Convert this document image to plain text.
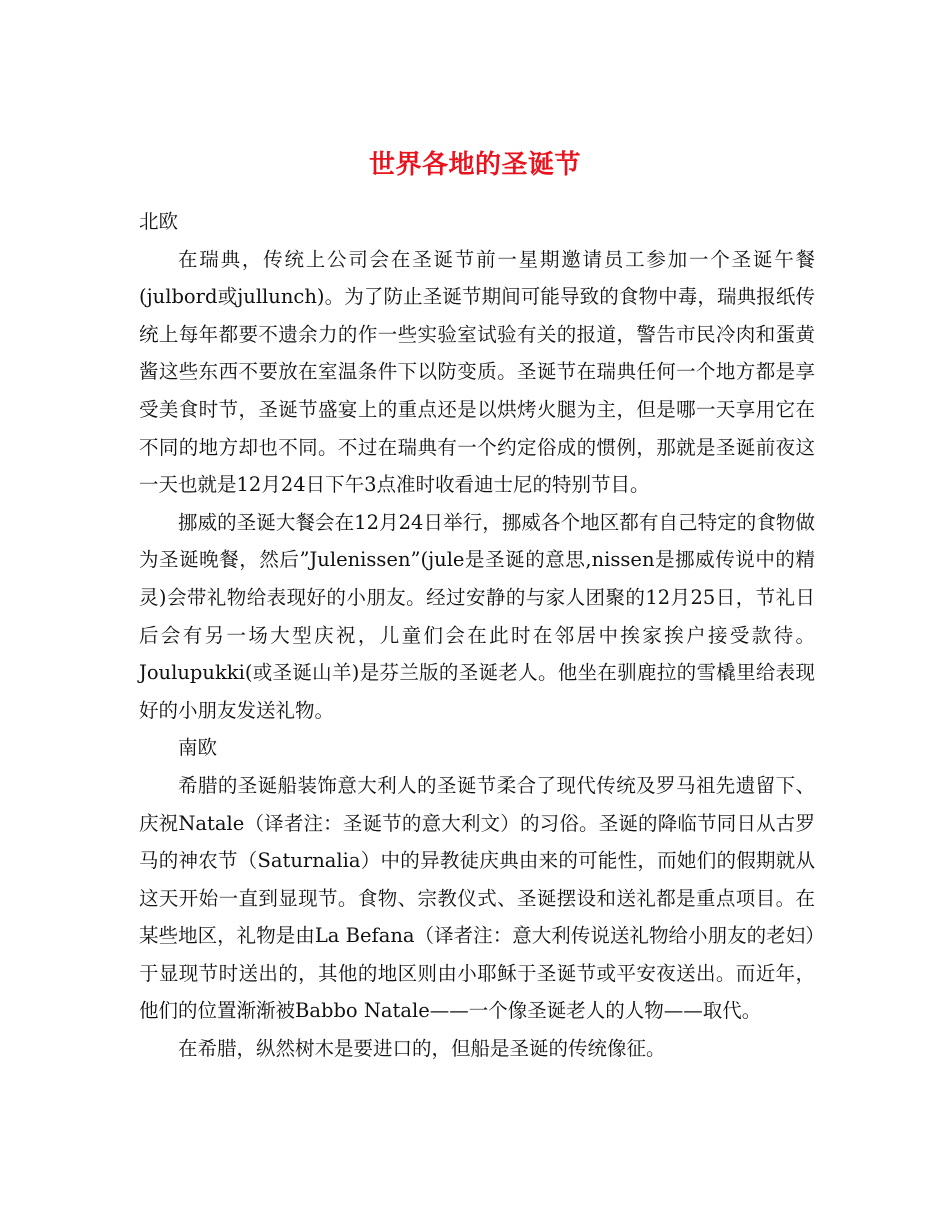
世界各地的圣诞节

北欧

在瑞典，传统上公司会在圣诞节前一星期邀请员工参加一个圣诞午餐(julbord或jullunch)。为了防止圣诞节期间可能导致的食物中毒，瑞典报纸传统上每年都要不遗余力的作一些实验室试验有关的报道，警告市民冷肉和蛋黄酱这些东西不要放在室温条件下以防变质。圣诞节在瑞典任何一个地方都是享受美食时节，圣诞节盛宴上的重点还是以烘烤火腿为主，但是哪一天享用它在不同的地方却也不同。不过在瑞典有一个约定俗成的惯例，那就是圣诞前夜这一天也就是12月24日下午3点准时收看迪士尼的特别节目。

挪威的圣诞大餐会在12月24日举行，挪威各个地区都有自己特定的食物做为圣诞晚餐，然后”Julenissen”(jule是圣诞的意思,nissen是挪威传说中的精灵)会带礼物给表现好的小朋友。经过安静的与家人团聚的12月25日，节礼日后会有另一场大型庆祝，儿童们会在此时在邻居中挨家挨户接受款待。Joulupukki(或圣诞山羊)是芬兰版的圣诞老人。他坐在驯鹿拉的雪橇里给表现好的小朋友发送礼物。

南欧

希腊的圣诞船装饰意大利人的圣诞节柔合了现代传统及罗马祖先遗留下、庆祝Natale（译者注：圣诞节的意大利文）的习俗。圣诞的降临节同日从古罗马的神农节（Saturnalia）中的异教徒庆典由来的可能性，而她们的假期就从这天开始一直到显现节。食物、宗教仪式、圣诞摆设和送礼都是重点项目。在某些地区，礼物是由La Befana（译者注：意大利传说送礼物给小朋友的老妇）于显现节时送出的，其他的地区则由小耶稣于圣诞节或平安夜送出。而近年，他们的位置渐渐被Babbo Natale——一个像圣诞老人的人物——取代。

在希腊，纵然树木是要进口的，但船是圣诞的传统像征。
